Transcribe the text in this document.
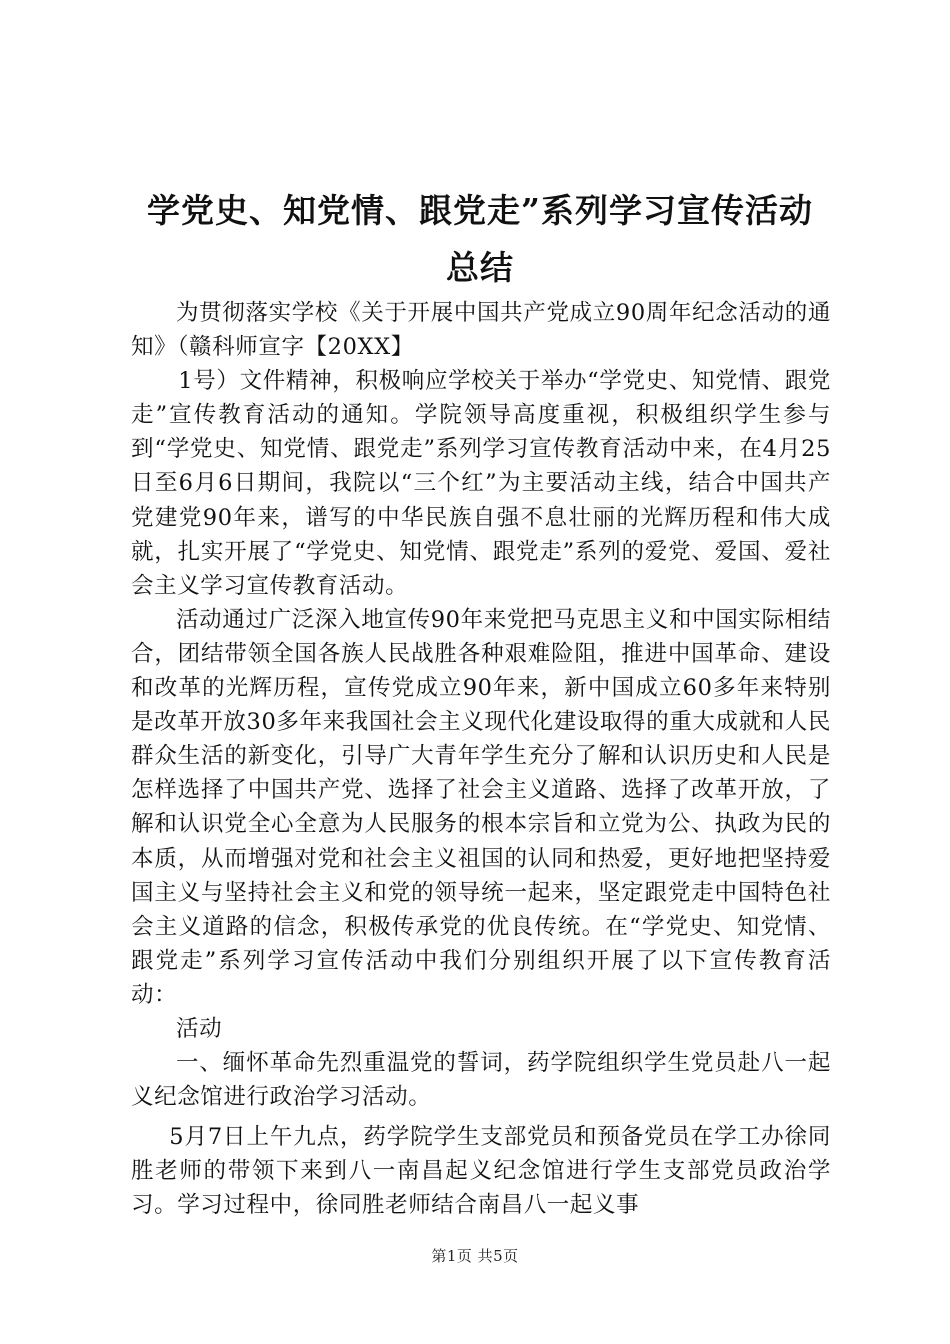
学党史、知党情、跟党走”系列学习宣传活动
总结

为贯彻落实学校《关于开展中国共产党成立90周年纪念活动的通知》（赣科师宣字【20XX】

1号）文件精神，积极响应学校关于举办“学党史、知党情、跟党走”宣传教育活动的通知。学院领导高度重视，积极组织学生参与到“学党史、知党情、跟党走”系列学习宣传教育活动中来，在4月25日至6月6日期间，我院以“三个红”为主要活动主线，结合中国共产党建党90年来，谱写的中华民族自强不息壮丽的光辉历程和伟大成就，扎实开展了“学党史、知党情、跟党走”系列的爱党、爱国、爱社会主义学习宣传教育活动。

活动通过广泛深入地宣传90年来党把马克思主义和中国实际相结合，团结带领全国各族人民战胜各种艰难险阻，推进中国革命、建设和改革的光辉历程，宣传党成立90年来，新中国成立60多年来特别是改革开放30多年来我国社会主义现代化建设取得的重大成就和人民群众生活的新变化，引导广大青年学生充分了解和认识历史和人民是怎样选择了中国共产党、选择了社会主义道路、选择了改革开放，了解和认识党全心全意为人民服务的根本宗旨和立党为公、执政为民的本质，从而增强对党和社会主义祖国的认同和热爱，更好地把坚持爱国主义与坚持社会主义和党的领导统一起来，坚定跟党走中国特色社会主义道路的信念，积极传承党的优良传统。在“学党史、知党情、跟党走”系列学习宣传活动中我们分别组织开展了以下宣传教育活动：

活动

一、缅怀革命先烈重温党的誓词，药学院组织学生党员赴八一起义纪念馆进行政治学习活动。

5月7日上午九点，药学院学生支部党员和预备党员在学工办徐同胜老师的带领下来到八一南昌起义纪念馆进行学生支部党员政治学习。学习过程中，徐同胜老师结合南昌八一起义事

第1页 共5页
